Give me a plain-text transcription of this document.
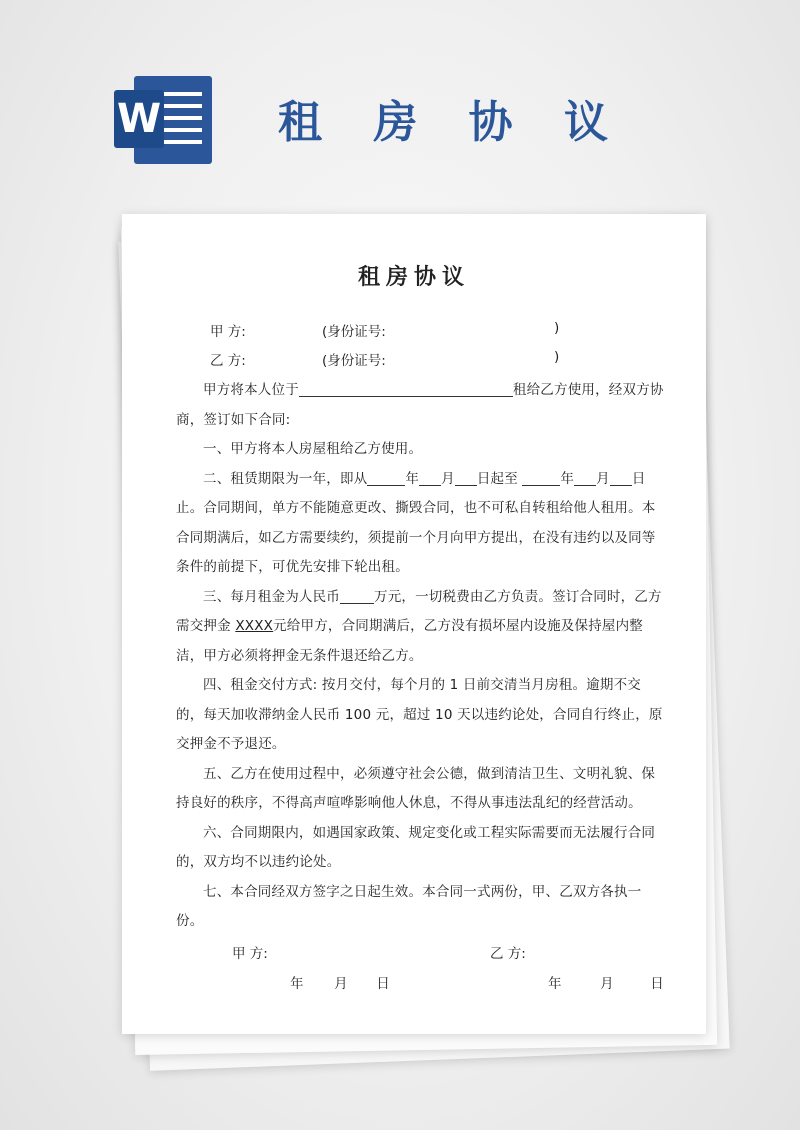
W	租 房 协 议
租房协议
甲 方:	(身份证号:	)
乙 方:	(身份证号:	)

甲方将本人位于	租给乙方使用，经双方协商，签订如下合同:

一、甲方将本人房屋租给乙方使用。

二、租赁期限为一年，即从	年 月 日起至	年 月 日止。合同期间，单方不能随意更改、撕毁合同，也不可私自转租给他人租用。本合同期满后，如乙方需要续约，须提前一个月向甲方提出，在没有违约以及同等条件的前提下，可优先安排下轮出租。

三、每月租金为人民币	万元，一切税费由乙方负责。签订合同时，乙方需交押金 XXXX元给甲方，合同期满后，乙方没有损坏屋内设施及保持屋内整洁，甲方必须将押金无条件退还给乙方。

四、租金交付方式: 按月交付，每个月的 1 日前交清当月房租。逾期不交的，每天加收滞纳金人民币 100 元，超过 10 天以违约论处，合同自行终止，原交押金不予退还。

五、乙方在使用过程中，必须遵守社会公德，做到清洁卫生、文明礼貌、保持良好的秩序，不得高声喧哗影响他人休息，不得从事违法乱纪的经营活动。

六、合同期限内，如遇国家政策、规定变化或工程实际需要而无法履行合同的，双方均不以违约论处。

七、本合同经双方签字之日起生效。本合同一式两份，甲、乙双方各执一份。

甲 方:	乙 方:
年 月 日	年	月	日
